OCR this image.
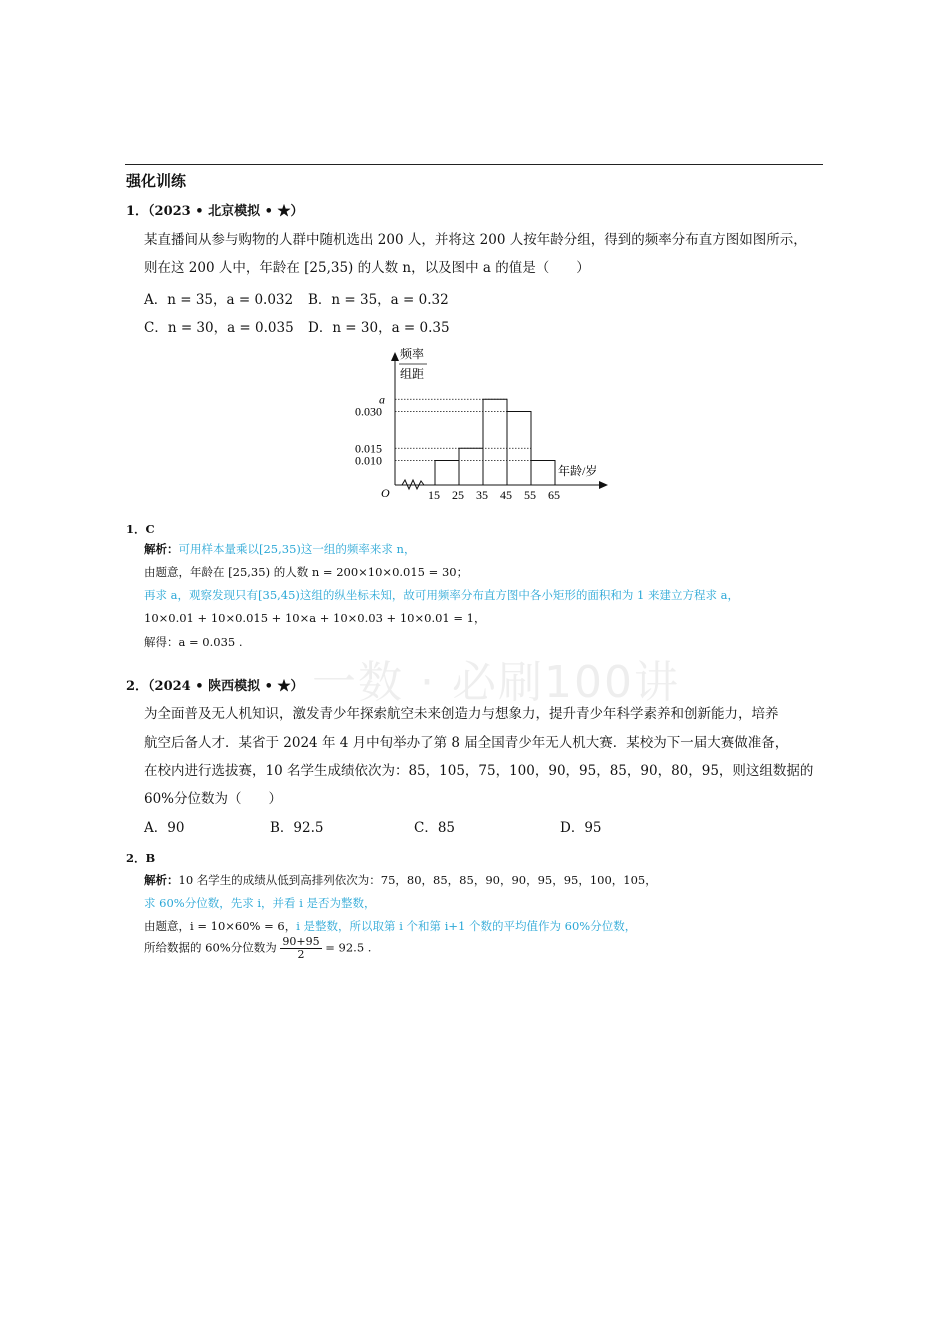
强化训练
一数 · 必刷100讲
1．（2023 • 北京模拟 • ★）
某直播间从参与购物的人群中随机选出 200 人，并将这 200 人按年龄分组，得到的频率分布直方图如图所示，
则在这 200 人中，年龄在 [25,35) 的人数 n，以及图中 a 的值是（　　）
A．n = 35，a = 0.032 B．n = 35，a = 0.32
C．n = 30，a = 0.035 D．n = 30，a = 0.35
O
频率
组距
年龄/岁
0.010
0.015
0.030
a
15 25 35 45 55 65
1．C
解析：可用样本量乘以[25,35)这一组的频率来求 n，
由题意，年龄在 [25,35) 的人数 n = 200×10×0.015 = 30；
再求 a，观察发现只有[35,45)这组的纵坐标未知，故可用频率分布直方图中各小矩形的面积和为 1 来建立方程求 a，
10×0.01 + 10×0.015 + 10×a + 10×0.03 + 10×0.01 = 1，
解得：a = 0.035 .
2．（2024 • 陕西模拟 • ★）
为全面普及无人机知识，激发青少年探索航空未来创造力与想象力，提升青少年科学素养和创新能力，培养
航空后备人才．某省于 2024 年 4 月中旬举办了第 8 届全国青少年无人机大赛．某校为下一届大赛做准备，
在校内进行选拔赛，10 名学生成绩依次为：85，105，75，100，90，95，85，90，80，95，则这组数据的
60%分位数为（　　）
A．90	B．92.5	C．85	D．95
2．B
解析：10 名学生的成绩从低到高排列依次为：75，80，85，85，90，90，95，95，100，105，
求 60%分位数，先求 i，并看 i 是否为整数，
由题意，i = 10×60% = 6，i 是整数，所以取第 i 个和第 i+1 个数的平均值作为 60%分位数，
所给数据的 60%分位数为 $\frac{90+95}{2} = 92.5$ .
